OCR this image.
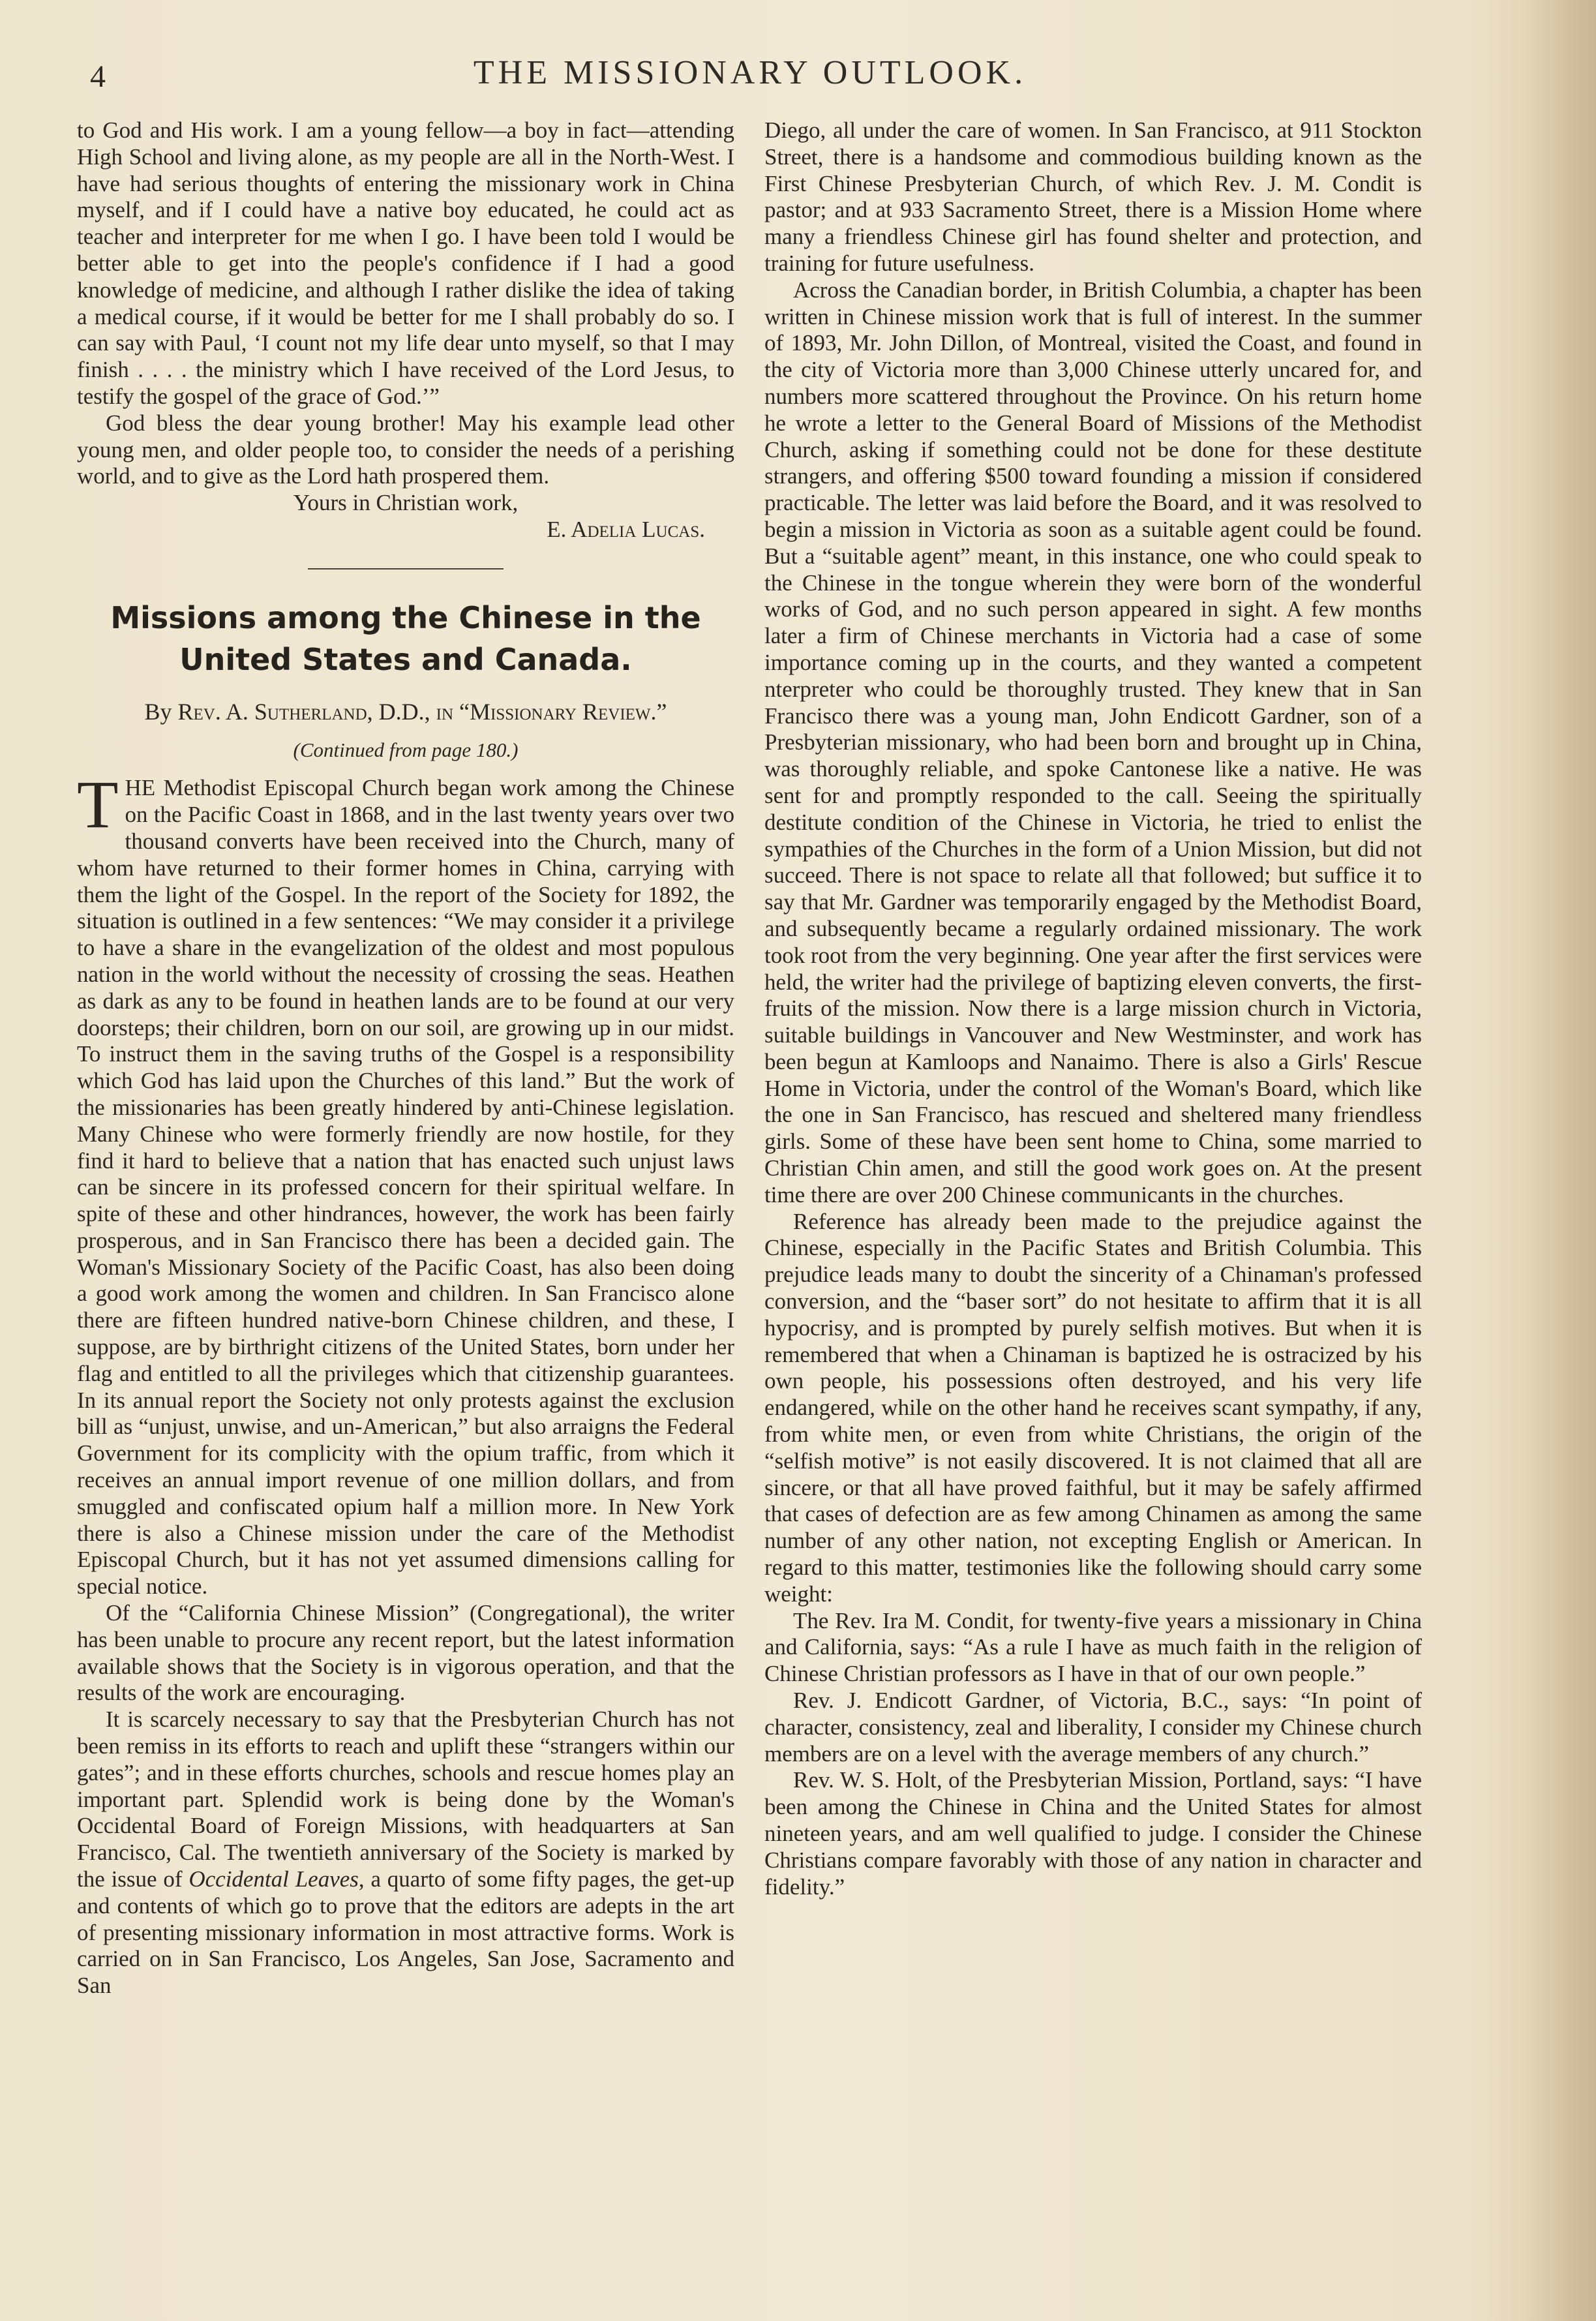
4	THE MISSIONARY OUTLOOK.

to God and His work. I am a young fellow—a boy in fact—attending High School and living alone, as my people are all in the North-West. I have had serious thoughts of entering the missionary work in China myself, and if I could have a native boy educated, he could act as teacher and interpreter for me when I go. I have been told I would be better able to get into the people's confidence if I had a good knowledge of medicine, and although I rather dislike the idea of taking a medical course, if it would be better for me I shall probably do so. I can say with Paul, ‘I count not my life dear unto myself, so that I may finish . . . . the ministry which I have received of the Lord Jesus, to testify the gospel of the grace of God.’”

God bless the dear young brother! May his example lead other young men, and older people too, to consider the needs of a perishing world, and to give as the Lord hath prospered them.

Yours in Christian work,

E. Adelia Lucas.

Missions among the Chinese in the
United States and Canada.
By Rev. A. Sutherland, D.D., in “Missionary Review.”
(Continued from page 180.)

THE Methodist Episcopal Church began work among the Chinese on the Pacific Coast in 1868, and in the last twenty years over two thousand converts have been received into the Church, many of whom have returned to their former homes in China, carrying with them the light of the Gospel. In the report of the Society for 1892, the situation is outlined in a few sentences: “We may consider it a privilege to have a share in the evangelization of the oldest and most populous nation in the world without the necessity of crossing the seas. Heathen as dark as any to be found in heathen lands are to be found at our very doorsteps; their children, born on our soil, are growing up in our midst. To instruct them in the saving truths of the Gospel is a responsibility which God has laid upon the Churches of this land.” But the work of the missionaries has been greatly hindered by anti-Chinese legislation. Many Chinese who were formerly friendly are now hostile, for they find it hard to believe that a nation that has enacted such unjust laws can be sincere in its professed concern for their spiritual welfare. In spite of these and other hindrances, however, the work has been fairly prosperous, and in San Francisco there has been a decided gain. The Woman's Missionary Society of the Pacific Coast, has also been doing a good work among the women and children. In San Francisco alone there are fifteen hundred native-born Chinese children, and these, I suppose, are by birthright citizens of the United States, born under her flag and entitled to all the privileges which that citizenship guarantees. In its annual report the Society not only protests against the exclusion bill as “unjust, unwise, and un-American,” but also arraigns the Federal Government for its complicity with the opium traffic, from which it receives an annual import revenue of one million dollars, and from smuggled and confiscated opium half a million more. In New York there is also a Chinese mission under the care of the Methodist Episcopal Church, but it has not yet assumed dimensions calling for special notice.

Of the “California Chinese Mission” (Congregational), the writer has been unable to procure any recent report, but the latest information available shows that the Society is in vigorous operation, and that the results of the work are encouraging.

It is scarcely necessary to say that the Presbyterian Church has not been remiss in its efforts to reach and uplift these “strangers within our gates”; and in these efforts churches, schools and rescue homes play an important part. Splendid work is being done by the Woman's Occidental Board of Foreign Missions, with headquarters at San Francisco, Cal. The twentieth anniversary of the Society is marked by the issue of Occidental Leaves, a quarto of some fifty pages, the get-up and contents of which go to prove that the editors are adepts in the art of presenting missionary information in most attractive forms. Work is carried on in San Francisco, Los Angeles, San Jose, Sacramento and San

Diego, all under the care of women. In San Francisco, at 911 Stockton Street, there is a handsome and commodious building known as the First Chinese Presbyterian Church, of which Rev. J. M. Condit is pastor; and at 933 Sacramento Street, there is a Mission Home where many a friendless Chinese girl has found shelter and protection, and training for future usefulness.

Across the Canadian border, in British Columbia, a chapter has been written in Chinese mission work that is full of interest. In the summer of 1893, Mr. John Dillon, of Montreal, visited the Coast, and found in the city of Victoria more than 3,000 Chinese utterly uncared for, and numbers more scattered throughout the Province. On his return home he wrote a letter to the General Board of Missions of the Methodist Church, asking if something could not be done for these destitute strangers, and offering $500 toward founding a mission if considered practicable. The letter was laid before the Board, and it was resolved to begin a mission in Victoria as soon as a suitable agent could be found. But a “suitable agent” meant, in this instance, one who could speak to the Chinese in the tongue wherein they were born of the wonderful works of God, and no such person appeared in sight. A few months later a firm of Chinese merchants in Victoria had a case of some importance coming up in the courts, and they wanted a competent nterpreter who could be thoroughly trusted. They knew that in San Francisco there was a young man, John Endicott Gardner, son of a Presbyterian missionary, who had been born and brought up in China, was thoroughly reliable, and spoke Cantonese like a native. He was sent for and promptly responded to the call. Seeing the spiritually destitute condition of the Chinese in Victoria, he tried to enlist the sympathies of the Churches in the form of a Union Mission, but did not succeed. There is not space to relate all that followed; but suffice it to say that Mr. Gardner was temporarily engaged by the Methodist Board, and subsequently became a regularly ordained missionary. The work took root from the very beginning. One year after the first services were held, the writer had the privilege of baptizing eleven converts, the first-fruits of the mission. Now there is a large mission church in Victoria, suitable buildings in Vancouver and New Westminster, and work has been begun at Kamloops and Nanaimo. There is also a Girls' Rescue Home in Victoria, under the control of the Woman's Board, which like the one in San Francisco, has rescued and sheltered many friendless girls. Some of these have been sent home to China, some married to Christian Chin amen, and still the good work goes on. At the present time there are over 200 Chinese communicants in the churches.

Reference has already been made to the prejudice against the Chinese, especially in the Pacific States and British Columbia. This prejudice leads many to doubt the sincerity of a Chinaman's professed conversion, and the “baser sort” do not hesitate to affirm that it is all hypocrisy, and is prompted by purely selfish motives. But when it is remembered that when a Chinaman is baptized he is ostracized by his own people, his possessions often destroyed, and his very life endangered, while on the other hand he receives scant sympathy, if any, from white men, or even from white Christians, the origin of the “selfish motive” is not easily discovered. It is not claimed that all are sincere, or that all have proved faithful, but it may be safely affirmed that cases of defection are as few among Chinamen as among the same number of any other nation, not excepting English or American. In regard to this matter, testimonies like the following should carry some weight:

The Rev. Ira M. Condit, for twenty-five years a missionary in China and California, says: “As a rule I have as much faith in the religion of Chinese Christian professors as I have in that of our own people.”

Rev. J. Endicott Gardner, of Victoria, B.C., says: “In point of character, consistency, zeal and liberality, I consider my Chinese church members are on a level with the average members of any church.”

Rev. W. S. Holt, of the Presbyterian Mission, Portland, says: “I have been among the Chinese in China and the United States for almost nineteen years, and am well qualified to judge. I consider the Chinese Christians compare favorably with those of any nation in character and fidelity.”
